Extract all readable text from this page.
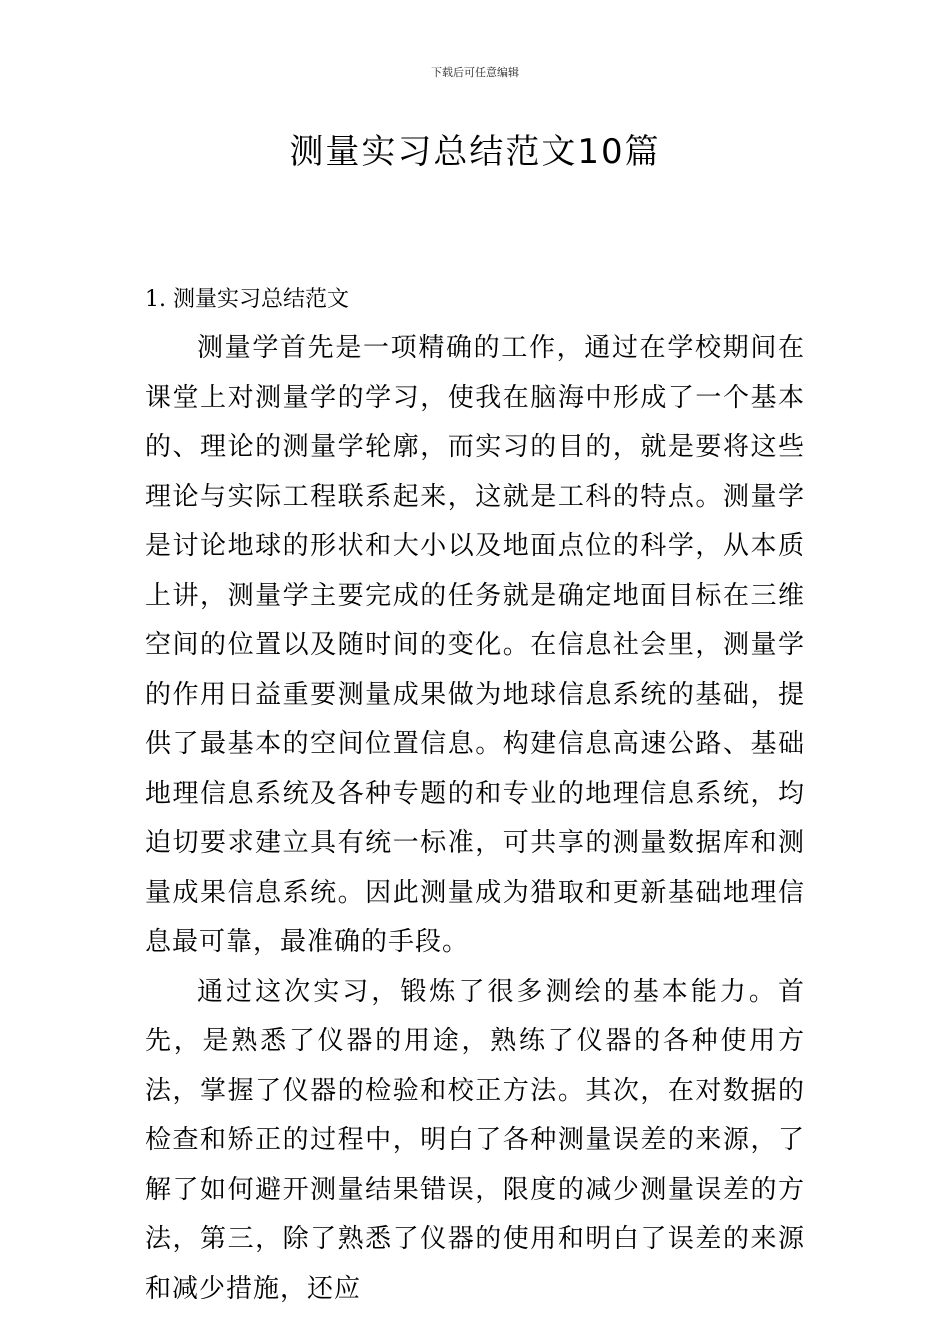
下载后可任意编辑
测量实习总结范文10篇
1. 测量实习总结范文

测量学首先是一项精确的工作，通过在学校期间在课堂上对测量学的学习，使我在脑海中形成了一个基本的、理论的测量学轮廓，而实习的目的，就是要将这些理论与实际工程联系起来，这就是工科的特点。测量学是讨论地球的形状和大小以及地面点位的科学，从本质上讲，测量学主要完成的任务就是确定地面目标在三维空间的位置以及随时间的变化。在信息社会里，测量学的作用日益重要测量成果做为地球信息系统的基础，提供了最基本的空间位置信息。构建信息高速公路、基础地理信息系统及各种专题的和专业的地理信息系统，均迫切要求建立具有统一标准，可共享的测量数据库和测量成果信息系统。因此测量成为猎取和更新基础地理信息最可靠，最准确的手段。

通过这次实习，锻炼了很多测绘的基本能力。首先，是熟悉了仪器的用途，熟练了仪器的各种使用方法，掌握了仪器的检验和校正方法。其次，在对数据的检查和矫正的过程中，明白了各种测量误差的来源，了解了如何避开测量结果错误，限度的减少测量误差的方法，第三，除了熟悉了仪器的使用和明白了误差的来源和减少措施，还应
